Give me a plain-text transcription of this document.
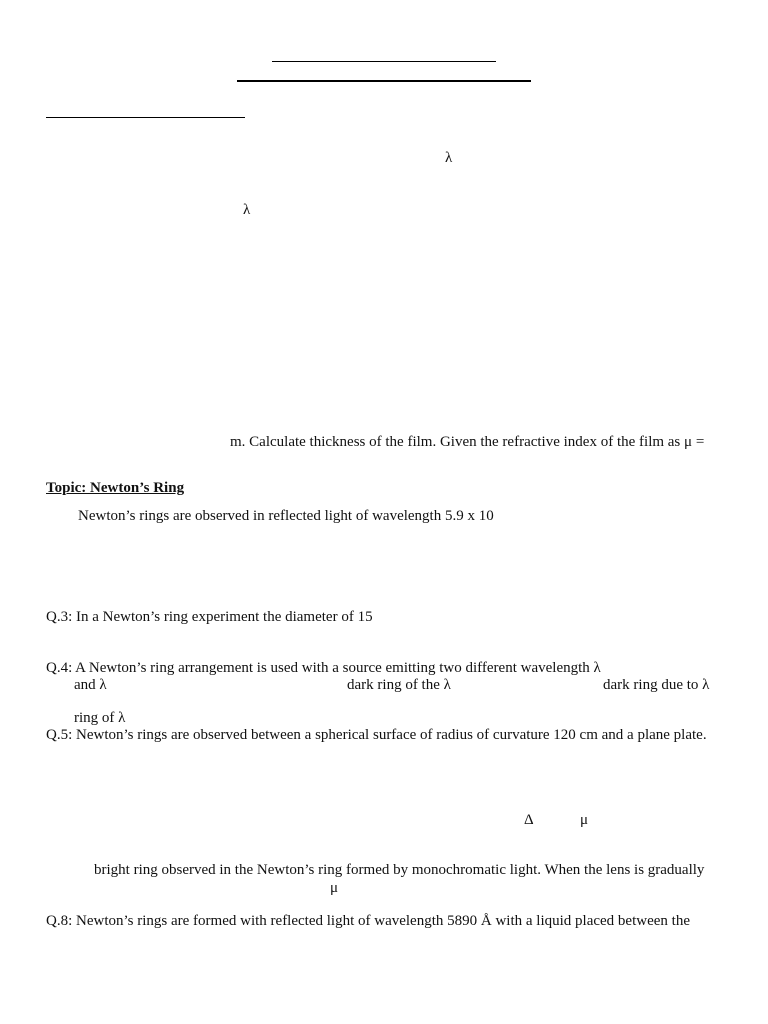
λ
λ
m. Calculate thickness of the film. Given the refractive index of the film as μ =
Topic: Newton’s Ring
Newton’s rings are observed in reflected light of wavelength 5.9 x 10
Q.3: In a Newton’s ring experiment the diameter of 15
Q.4: A Newton’s ring arrangement is used with a source emitting two different wavelength λ
and λ	dark ring of the λ	dark ring due to λ
ring of λ
Q.5: Newton’s rings are observed between a spherical surface of radius of curvature 120 cm and a plane plate.
Δ	μ
bright ring observed in the Newton’s ring formed by monochromatic light. When the lens is gradually
μ
Q.8: Newton’s rings are formed with reflected light of wavelength 5890 Å with a liquid placed between the
